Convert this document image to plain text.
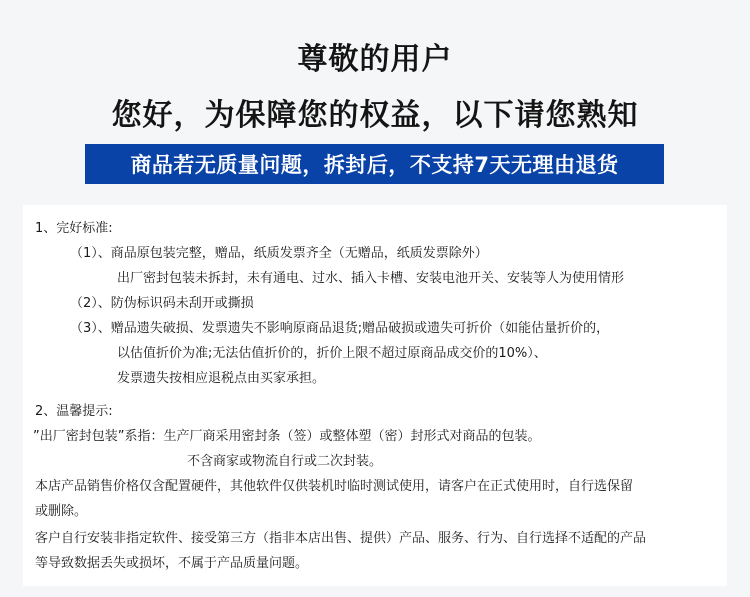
尊敬的用户
您好，为保障您的权益，以下请您熟知
商品若无质量问题，拆封后，不支持7天无理由退货
1、完好标准:
（1）、商品原包装完整，赠品，纸质发票齐全（无赠品，纸质发票除外）
出厂密封包装未拆封，未有通电、过水、插入卡槽、安装电池开关、安装等人为使用情形
（2）、防伪标识码未刮开或撕损
（3）、赠品遗失破损、发票遗失不影响原商品退货;赠品破损或遗失可折价（如能估量折价的，
以估值折价为准;无法估值折价的，折价上限不超过原商品成交价的10%）、
发票遗失按相应退税点由买家承担。
2、温馨提示:
”出厂密封包装”系指：生产厂商采用密封条（签）或整体塑（密）封形式对商品的包装。
不含商家或物流自行或二次封装。
本店产品销售价格仅含配置硬件，其他软件仅供装机时临时测试使用，请客户在正式使用时，自行选保留
或删除。
客户自行安装非指定软件、接受第三方（指非本店出售、提供）产品、服务、行为、自行选择不适配的产品
等导致数据丢失或损坏，不属于产品质量问题。
